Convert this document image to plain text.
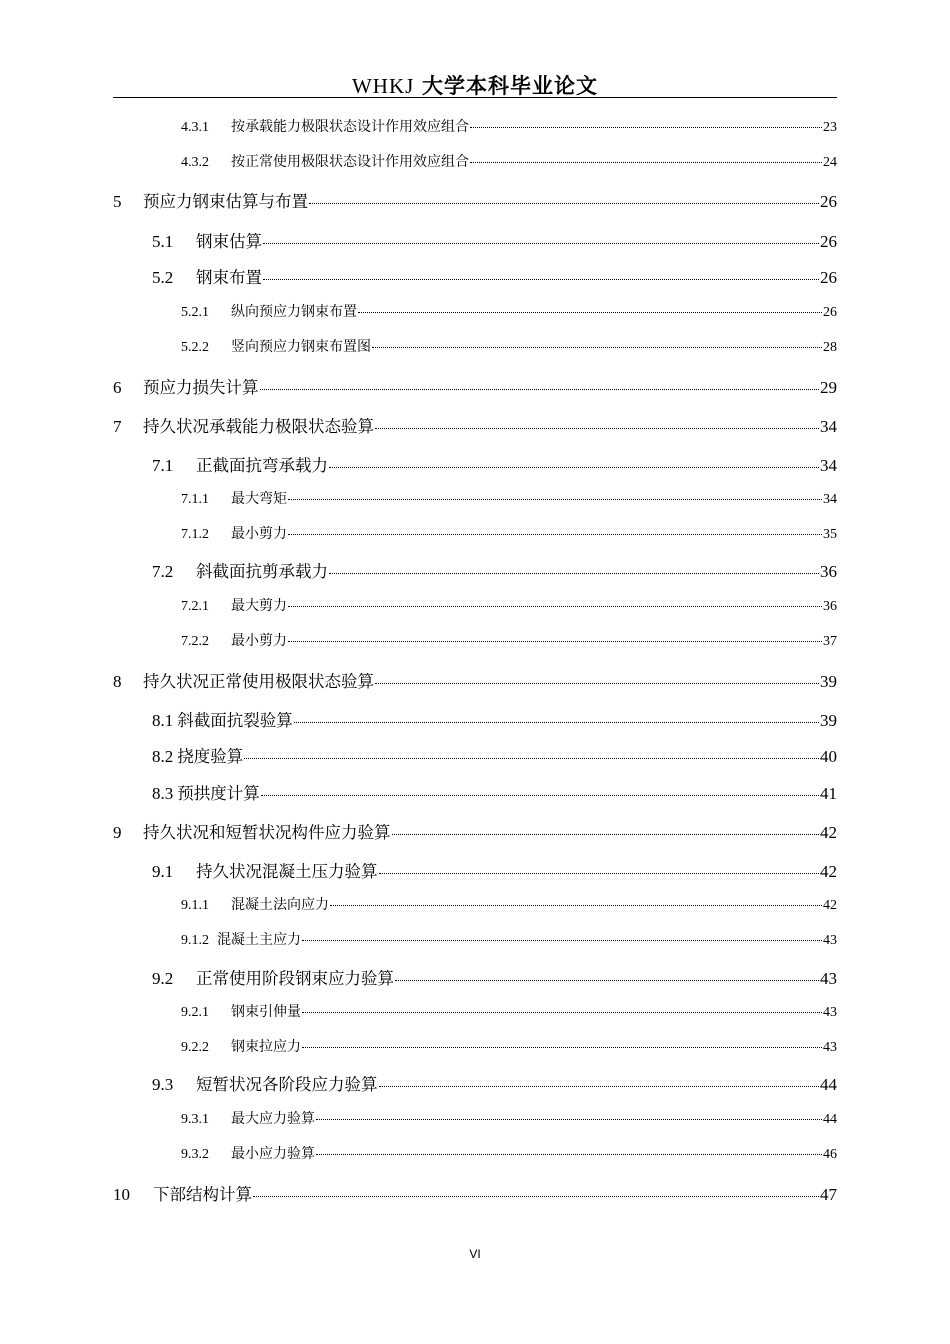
WHKJ 大学本科毕业论文
4.3.1	按承载能力极限状态设计作用效应组合	23
4.3.2	按正常使用极限状态设计作用效应组合	24
5	预应力钢束估算与布置	26
5.1	钢束估算	26
5.2	钢束布置	26
5.2.1	纵向预应力钢束布置	26
5.2.2	竖向预应力钢束布置图	28
6	预应力损失计算	29
7	持久状况承载能力极限状态验算	34
7.1	正截面抗弯承载力	34
7.1.1	最大弯矩	34
7.1.2	最小剪力	35
7.2	斜截面抗剪承载力	36
7.2.1	最大剪力	36
7.2.2	最小剪力	37
8	持久状况正常使用极限状态验算	39
8.1 斜截面抗裂验算	39
8.2 挠度验算	40
8.3 预拱度计算	41
9	持久状况和短暂状况构件应力验算	42
9.1	持久状况混凝土压力验算	42
9.1.1	混凝土法向应力	42
9.1.2 混凝土主应力	43
9.2	正常使用阶段钢束应力验算	43
9.2.1	钢束引伸量	43
9.2.2	钢束拉应力	43
9.3	短暂状况各阶段应力验算	44
9.3.1	最大应力验算	44
9.3.2	最小应力验算	46
10	下部结构计算	47
VI
